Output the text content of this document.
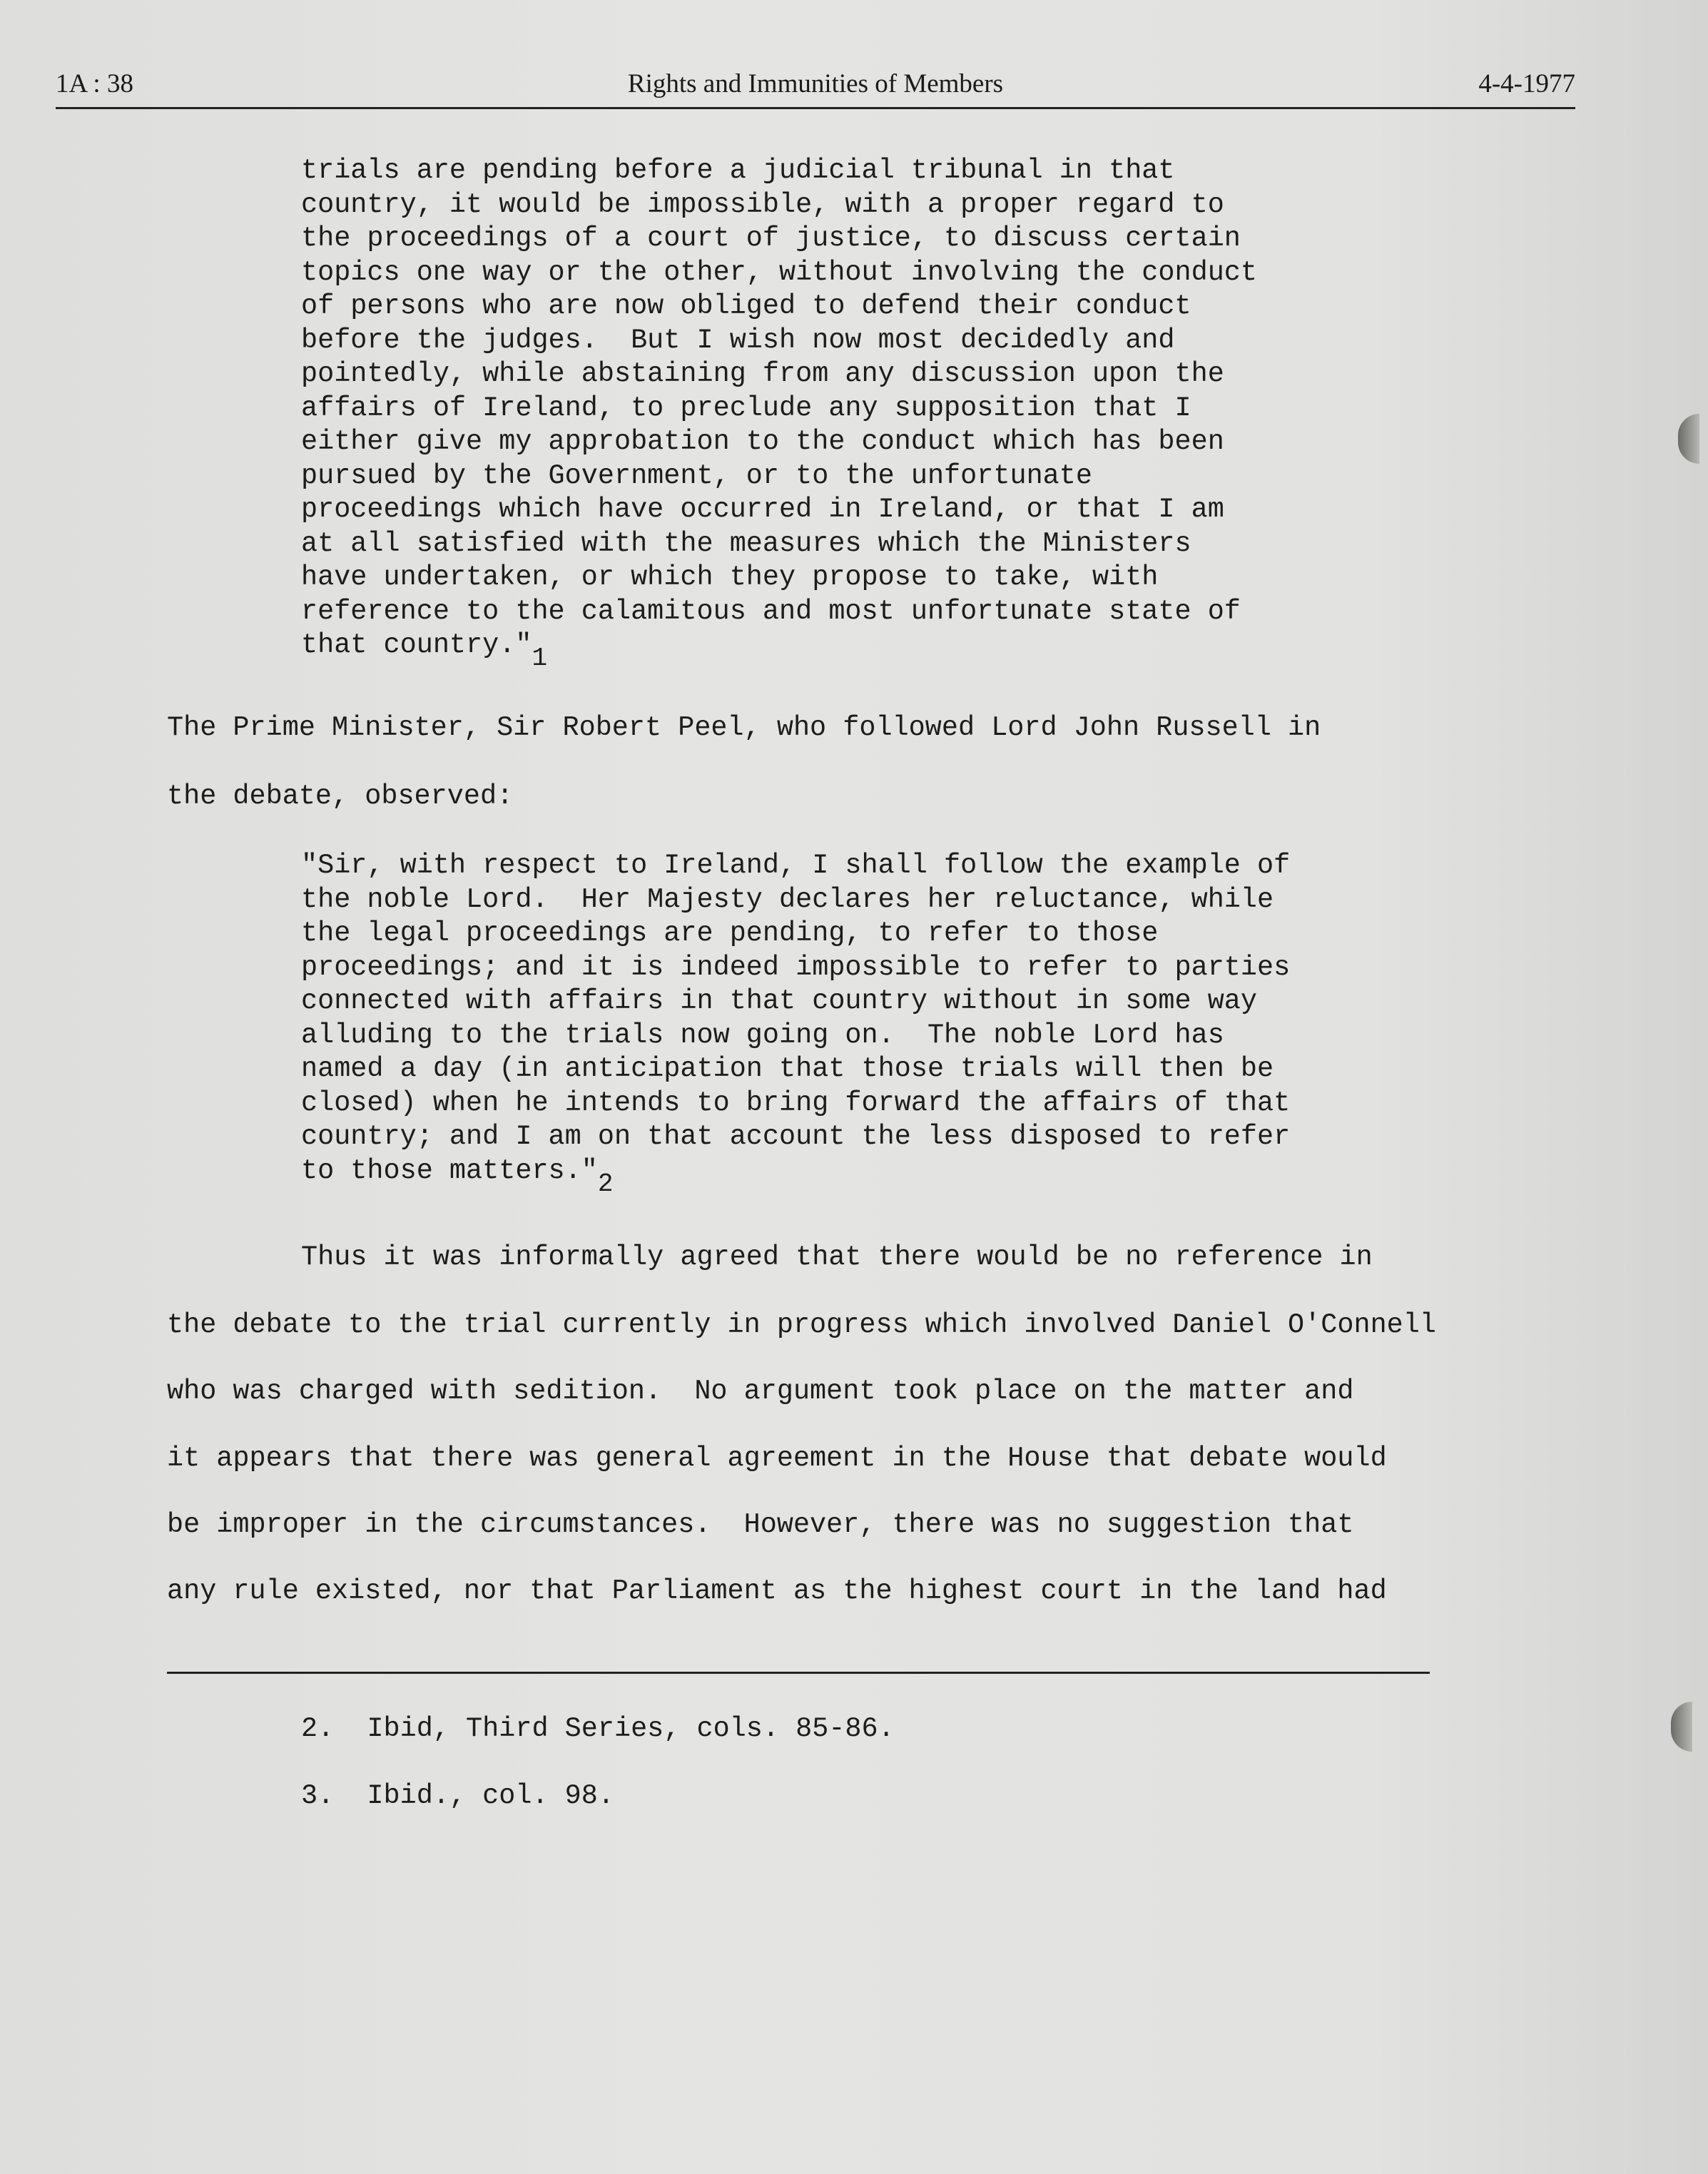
1A : 38	Rights and Immunities of Members	4-4-1977
trials are pending before a judicial tribunal in that
country, it would be impossible, with a proper regard to
the proceedings of a court of justice, to discuss certain
topics one way or the other, without involving the conduct
of persons who are now obliged to defend their conduct
before the judges.  But I wish now most decidedly and
pointedly, while abstaining from any discussion upon the
affairs of Ireland, to preclude any supposition that I
either give my approbation to the conduct which has been
pursued by the Government, or to the unfortunate
proceedings which have occurred in Ireland, or that I am
at all satisfied with the measures which the Ministers
have undertaken, or which they propose to take, with
reference to the calamitous and most unfortunate state of
that country."1
The Prime Minister, Sir Robert Peel, who followed Lord John Russell in
the debate, observed:
"Sir, with respect to Ireland, I shall follow the example of
the noble Lord.  Her Majesty declares her reluctance, while
the legal proceedings are pending, to refer to those
proceedings; and it is indeed impossible to refer to parties
connected with affairs in that country without in some way
alluding to the trials now going on.  The noble Lord has
named a day (in anticipation that those trials will then be
closed) when he intends to bring forward the affairs of that
country; and I am on that account the less disposed to refer
to those matters."2
Thus it was informally agreed that there would be no reference in
the debate to the trial currently in progress which involved Daniel O'Connell
who was charged with sedition.  No argument took place on the matter and
it appears that there was general agreement in the House that debate would
be improper in the circumstances.  However, there was no suggestion that
any rule existed, nor that Parliament as the highest court in the land had
2.  Ibid, Third Series, cols. 85-86.
3.  Ibid., col. 98.
